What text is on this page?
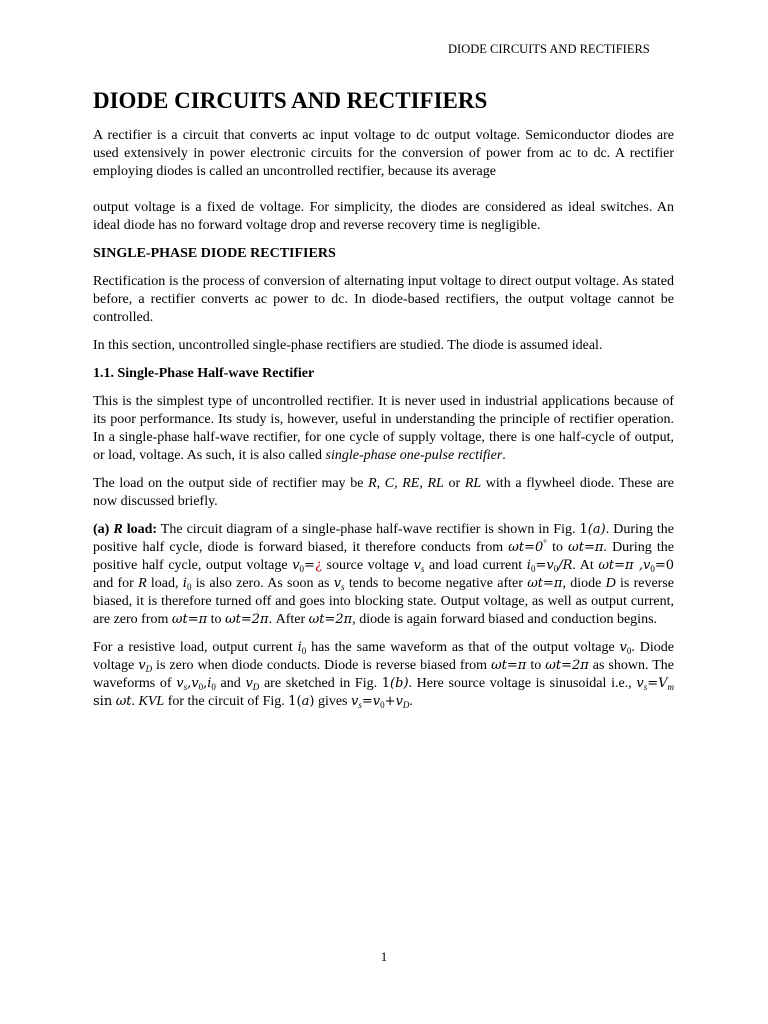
DIODE CIRCUITS AND RECTIFIERS
DIODE CIRCUITS AND RECTIFIERS

A rectifier is a circuit that converts ac input voltage to dc output voltage. Semiconductor diodes are used extensively in power electronic circuits for the conversion of power from ac to dc. A rectifier employing diodes is called an uncontrolled rectifier, because its average

output voltage is a fixed de voltage. For simplicity, the diodes are considered as ideal switches. An ideal diode has no forward voltage drop and reverse recovery time is negligible.

SINGLE-PHASE DIODE RECTIFIERS

Rectification is the process of conversion of alternating input voltage to direct output voltage. As stated before, a rectifier converts ac power to dc. In diode-based rectifiers, the output voltage cannot be controlled.

In this section, uncontrolled single-phase rectifiers are studied. The diode is assumed ideal.

1.1. Single-Phase Half-wave Rectifier

This is the simplest type of uncontrolled rectifier. It is never used in industrial applications because of its poor performance. Its study is, however, useful in understanding the principle of rectifier operation. In a single-phase half-wave rectifier, for one cycle of supply voltage, there is one half-cycle of output, or load, voltage. As such, it is also called single-phase one-pulse rectifier.

The load on the output side of rectifier may be R, C, RE, RL or RL with a flywheel diode. These are now discussed briefly.

(a) R load: The circuit diagram of a single-phase half-wave rectifier is shown in Fig. 1(a). During the positive half cycle, diode is forward biased, it therefore conducts from ωt=0° to ωt=π. During the positive half cycle, output voltage $v_0=¿$ source voltage $v_s$ and load current $i_0=v_0/R$. At ωt=π $,v_0=0$ and for R load, $i_0$ is also zero. As soon as $v_s$ tends to become negative after ωt=π, diode D is reverse biased, it is therefore turned off and goes into blocking state. Output voltage, as well as output current, are zero from ωt=π to ωt=2π. After ωt=2π, diode is again forward biased and conduction begins.

For a resistive load, output current $i_0$ has the same waveform as that of the output voltage $v_0$. Diode voltage $v_D$ is zero when diode conducts. Diode is reverse biased from ωt=π to ωt=2π as shown. The waveforms of $v_s,v_0,i_0$ and $v_D$ are sketched in Fig. 1(b). Here source voltage is sinusoidal i.e., $v_s=V_m$ sin ωt. KVL for the circuit of Fig. 1(a) gives $v_s=v_0+v_D$.

1
